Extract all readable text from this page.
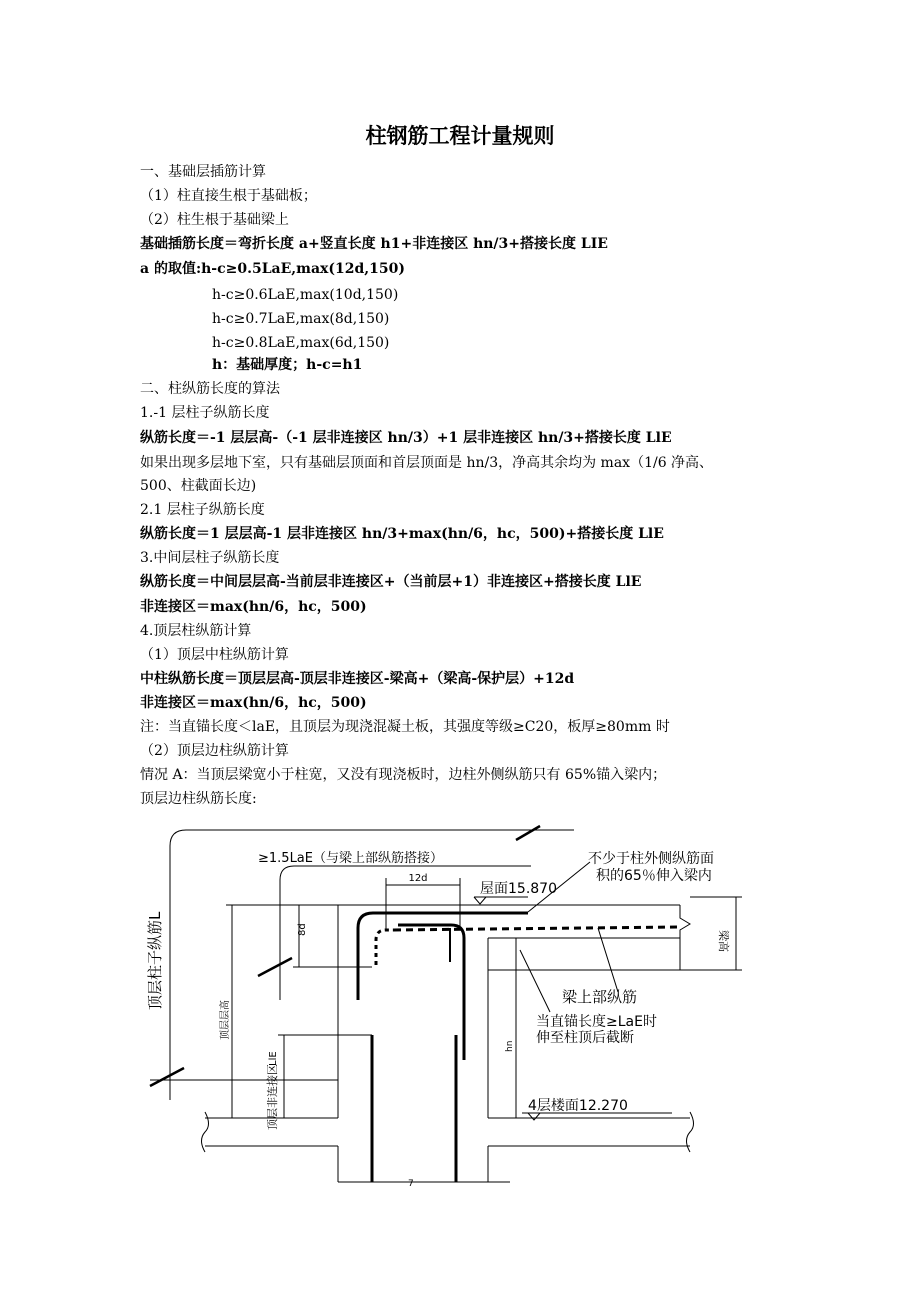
柱钢筋工程计量规则
一、基础层插筋计算
（1）柱直接生根于基础板；
（2）柱生根于基础梁上
基础插筋长度＝弯折长度 a+竖直长度 h1+非连接区 hn/3+搭接长度 LIE
a 的取值:h-c≥0.5LaE,max(12d,150)
h-c≥0.6LaE,max(10d,150)
h-c≥0.7LaE,max(8d,150)
h-c≥0.8LaE,max(6d,150)
h：基础厚度；h-c=h1
二、柱纵筋长度的算法
1.-1 层柱子纵筋长度
纵筋长度＝-1 层层高-（-1 层非连接区 hn/3）+1 层非连接区 hn/3+搭接长度 LlE
如果出现多层地下室，只有基础层顶面和首层顶面是 hn/3，净高其余均为 max（1/6 净高、
500、柱截面长边)
2.1 层柱子纵筋长度
纵筋长度＝1 层层高-1 层非连接区 hn/3+max(hn/6，hc，500)+搭接长度 LlE
3.中间层柱子纵筋长度
纵筋长度＝中间层层高-当前层非连接区+（当前层+1）非连接区+搭接长度 LlE
非连接区＝max(hn/6，hc，500)
4.顶层柱纵筋计算
（1）顶层中柱纵筋计算
中柱纵筋长度＝顶层层高-顶层非连接区-梁高+（梁高-保护层）+12d
非连接区＝max(hn/6，hc，500)
注：当直锚长度＜laE，且顶层为现浇混凝土板，其强度等级≥C20，板厚≥80mm 时
（2）顶层边柱纵筋计算
情况 A：当顶层梁宽小于柱宽，又没有现浇板时，边柱外侧纵筋只有 65%锚入梁内；
顶层边柱纵筋长度:
≥1.5LaE（与梁上部纵筋搭接）	不少于柱外侧纵筋面
积的65％伸入梁内
12d
屋面15.870
8d
梁高
顶层柱子纵筋L
顶层层高
梁上部纵筋
当直锚长度≥LaE时
伸至柱顶后截断
hn
LlE
顶层非连接区	4层楼面12.270
7
